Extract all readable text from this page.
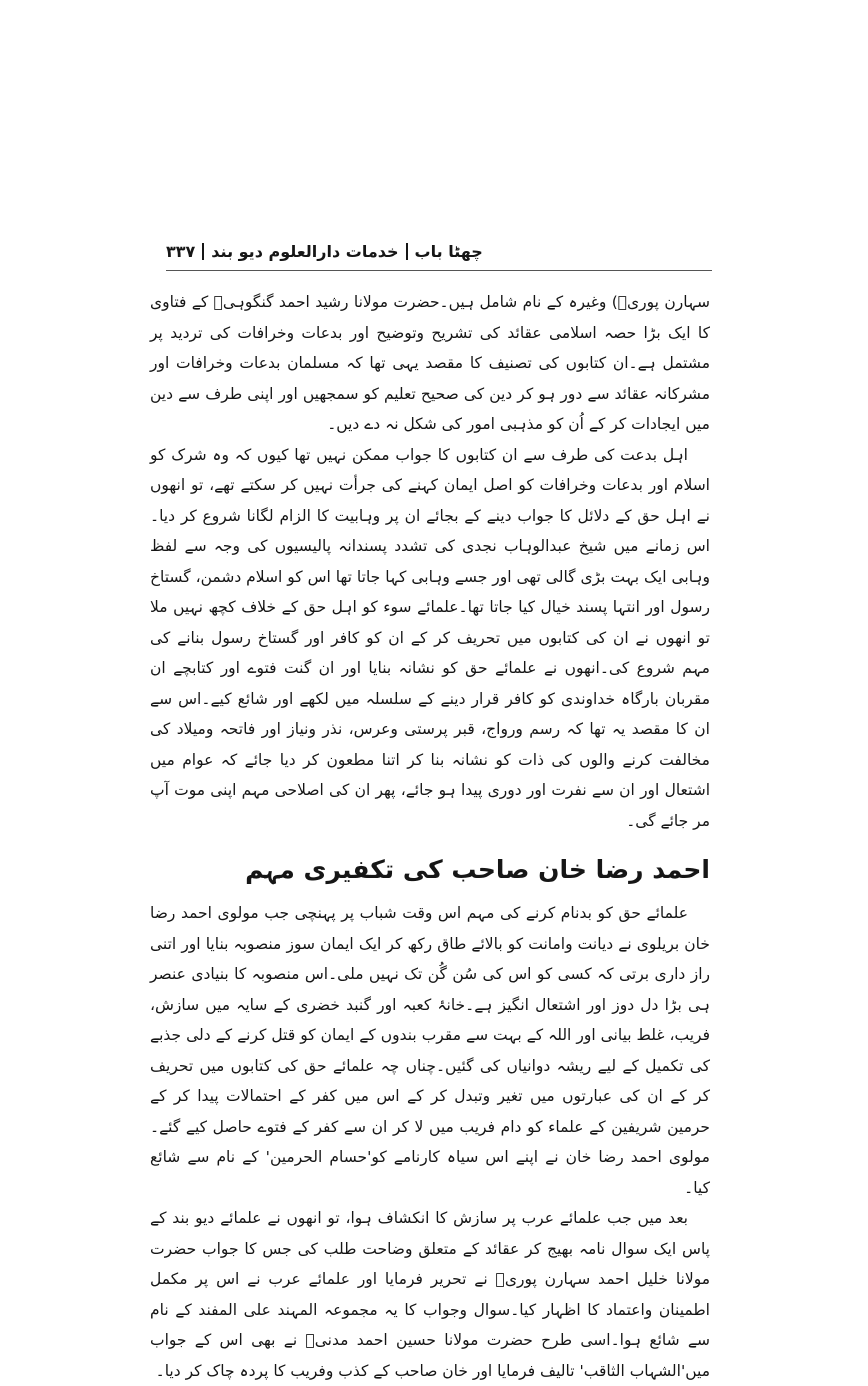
چھٹا باب
خدمات دارالعلوم دیو بند
۳۳۷

سہارن پوریؒ) وغیرہ کے نام شامل ہیں۔حضرت مولانا رشید احمد گنگوہیؒ کے فتاوی کا ایک بڑا حصہ اسلامی عقائد کی تشریح وتوضیح اور بدعات وخرافات کی تردید پر مشتمل ہے۔ان کتابوں کی تصنیف کا مقصد یہی تھا کہ مسلمان بدعات وخرافات اور مشرکانہ عقائد سے دور ہو کر دین کی صحیح تعلیم کو سمجھیں اور اپنی طرف سے دین میں ایجادات کر کے اُن کو مذہبی امور کی شکل نہ دے دیں۔

اہل بدعت کی طرف سے ان کتابوں کا جواب ممکن نہیں تھا کیوں کہ وہ شرک کو اسلام اور بدعات وخرافات کو اصل ایمان کہنے کی جرأت نہیں کر سکتے تھے، تو انھوں نے اہل حق کے دلائل کا جواب دینے کے بجائے ان پر وہابیت کا الزام لگانا شروع کر دیا۔اس زمانے میں شیخ عبدالوہاب نجدی کی تشدد پسندانہ پالیسیوں کی وجہ سے لفظ وہابی ایک بہت بڑی گالی تھی اور جسے وہابی کہا جاتا تھا اس کو اسلام دشمن، گستاخ رسول اور انتہا پسند خیال کیا جاتا تھا۔علمائے سوء کو اہل حق کے خلاف کچھ نہیں ملا تو انھوں نے ان کی کتابوں میں تحریف کر کے ان کو کافر اور گستاخ رسول بنانے کی مہم شروع کی۔انھوں نے علمائے حق کو نشانہ بنایا اور ان گنت فتوے اور کتابچے ان مقربان بارگاہ خداوندی کو کافر قرار دینے کے سلسلہ میں لکھے اور شائع کیے۔اس سے ان کا مقصد یہ تھا کہ رسم ورواج، قبر پرستی وعرس، نذر ونیاز اور فاتحہ ومیلاد کی مخالفت کرنے والوں کی ذات کو نشانہ بنا کر اتنا مطعون کر دیا جائے کہ عوام میں اشتعال اور ان سے نفرت اور دوری پیدا ہو جائے، پھر ان کی اصلاحی مہم اپنی موت آپ مر جائے گی۔

احمد رضا خان صاحب کی تکفیری مہم

علمائے حق کو بدنام کرنے کی مہم اس وقت شباب پر پہنچی جب مولوی احمد رضا خان بریلوی نے دیانت وامانت کو بالائے طاق رکھ کر ایک ایمان سوز منصوبہ بنایا اور اتنی راز داری برتی کہ کسی کو اس کی سُن گُن تک نہیں ملی۔اس منصوبہ کا بنیادی عنصر ہی بڑا دل دوز اور اشتعال انگیز ہے۔خانۂ کعبہ اور گنبد خضری کے سایہ میں سازش، فریب، غلط بیانی اور اللہ کے بہت سے مقرب بندوں کے ایمان کو قتل کرنے کے دلی جذبے کی تکمیل کے لیے ریشہ دوانیاں کی گئیں۔چناں چہ علمائے حق کی کتابوں میں تحریف کر کے ان کی عبارتوں میں تغیر وتبدل کر کے اس میں کفر کے احتمالات پیدا کر کے حرمین شریفین کے علماء کو دام فریب میں لا کر ان سے کفر کے فتوے حاصل کیے گئے۔مولوی احمد رضا خان نے اپنے اس سیاہ کارنامے کو'حسام الحرمین' کے نام سے شائع کیا۔

بعد میں جب علمائے عرب پر سازش کا انکشاف ہوا، تو انھوں نے علمائے دیو بند کے پاس ایک سوال نامہ بھیج کر عقائد کے متعلق وضاحت طلب کی جس کا جواب حضرت مولانا خلیل احمد سہارن پوریؒ نے تحریر فرمایا اور علمائے عرب نے اس پر مکمل اطمینان واعتماد کا اظہار کیا۔سوال وجواب کا یہ مجموعہ المہند علی المفند کے نام سے شائع ہوا۔اسی طرح حضرت مولانا حسین احمد مدنیؒ نے بھی اس کے جواب میں'الشہاب الثاقب' تالیف فرمایا اور خان صاحب کے کذب وفریب کا پردہ چاک کر دیا۔
